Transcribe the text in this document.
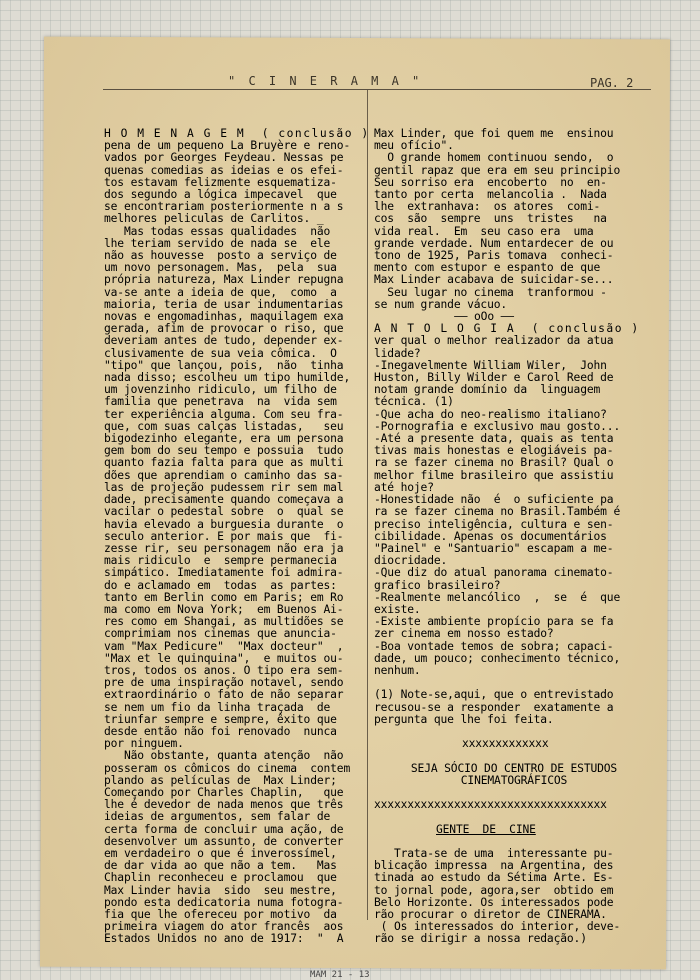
" C I N E R A M A "	PAG. 2
H O M E N A G E M  ( conclusão )
pena de um pequeno La Bruyère e reno-
vados por Georges Feydeau. Nessas pe
quenas comedias as ideias e os efei-
tos estavam felizmente esquematiza-
dos segundo a lógica impecavel  que
se encontrariam posteriormente n a s
melhores peliculas de Carlitos. _
Mas todas essas qualidades  não
lhe teriam servido de nada se  ele
não as houvesse  posto a serviço de
um novo personagem. Mas,  pela  sua
própria natureza, Max Linder repugna
va-se ante a ideia de que,  como  a
maioria, teria de usar indumentarias
novas e engomadinhas, maquilagem exa
gerada, afim de provocar o riso, que
deveriam antes de tudo, depender ex-
clusivamente de sua veia cômica.  O
"tipo" que lançou, pois,  não  tinha
nada disso; escolheu um tipo humilde,
um jovenzinho ridiculo, um filho de
familia que penetrava  na  vida sem
ter experiência alguma. Com seu fra-
que, com suas calças listadas,   seu
bigodezinho elegante, era um persona
gem bom do seu tempo e possuia  tudo
quanto fazia falta para que as multi
dões que aprendiam o caminho das sa-
las de projeção pudessem rir sem mal
dade, precisamente quando começava a
vacilar o pedestal sobre  o  qual se
havia elevado a burguesia durante  o
seculo anterior. E por mais que  fi-
zesse rir, seu personagem não era ja
mais ridiculo  e  sempre permanecia
simpático. Imediatamente foi admira-
do e aclamado em  todas  as partes:
tanto em Berlin como em Paris; em Ro
ma como em Nova York;  em Buenos Ai-
res como em Shangai, as multidões se
comprimiam nos cinemas que anuncia-
vam "Max Pedicure"  "Max docteur"  ,
"Max et le quinquina",  e muitos ou-
tros, todos os anos. O tipo era sem-
pre de uma inspiração notavel, sendo
extraordinário o fato de não separar
se nem um fio da linha traçada  de
triunfar sempre e sempre, êxito que
desde então não foi renovado  nunca
por ninguem.
Não obstante, quanta atenção  não
posseram os cômicos do cinema  contem
plando as películas de  Max Linder;
Começando por Charles Chaplin,   que
lhe é devedor de nada menos que três
ideias de argumentos, sem falar de
certa forma de concluir uma ação, de
desenvolver um assunto, de converter
em verdadeiro o que é inverossímel,
de dar vida ao que não a tem.   Mas
Chaplin reconheceu e proclamou  que
Max Linder havia  sido  seu mestre,
pondo esta dedicatoria numa fotogra-
fia que lhe ofereceu por motivo  da
primeira viagem do ator francês  aos
Estados Unidos no ano de 1917:  "  A
Max Linder, que foi quem me  ensinou
meu ofício".
O grande homem continuou sendo,  o
gentil rapaz que era em seu principio
Seu sorriso era  encoberto  no  en-
tanto por certa  melancolia .  Nada
lhe  extranhava:  os atores  comi-
cos  são  sempre  uns  tristes   na
vida real.  Em  seu caso era  uma
grande verdade. Num entardecer de ou
tono de 1925, Paris tomava  conheci-
mento com estupor e espanto de que
Max Linder acabava de suicidar-se...
Seu lugar no cinema  tranformou -
se num grande vácuo.
—— oOo ——
A N T O L O G I A  ( conclusão )
ver qual o melhor realizador da atua
lidade?
-Inegavelmente William Wiler,  John
Huston, Billy Wilder e Carol Reed de
notam grande domínio da  linguagem
técnica. (1)
-Que acha do neo-realismo italiano?
-Pornografia e exclusivo mau gosto...
-Até a presente data, quais as tenta
tivas mais honestas e elogiáveis pa-
ra se fazer cinema no Brasil? Qual o
melhor filme brasileiro que assistiu
até hoje?
-Honestidade não  é  o suficiente pa
ra se fazer cinema no Brasil.Também é
preciso inteligência, cultura e sen-
cibilidade. Apenas os documentários
"Painel" e "Santuario" escapam a me-
diocridade.
-Que diz do atual panorama cinemato-
grafico brasileiro?
-Realmente melancólico  ,  se  é  que
existe.
-Existe ambiente propício para se fa
zer cinema em nosso estado?
-Boa vontade temos de sobra; capaci-
dade, um pouco; conhecimento técnico,
nenhum.
(1) Note-se,aqui, que o entrevistado
recusou-se a responder  exatamente a
pergunta que lhe foi feita.
xxxxxxxxxxxxx
SEJA SÓCIO DO CENTRO DE ESTUDOS
CINEMATOGRÁFICOS
xxxxxxxxxxxxxxxxxxxxxxxxxxxxxxxxxxx
GENTE  DE  CINE
Trata-se de uma  interessante pu-
blicação impressa  na Argentina, des
tinada ao estudo da Sétima Arte. Es-
to jornal pode, agora,ser  obtido em
Belo Horizonte. Os interessados pode
rão procurar o diretor de CINERAMA.
( Os interessados do interior, deve-
rão se dirigir a nossa redação.)
MAM 21 - 13
